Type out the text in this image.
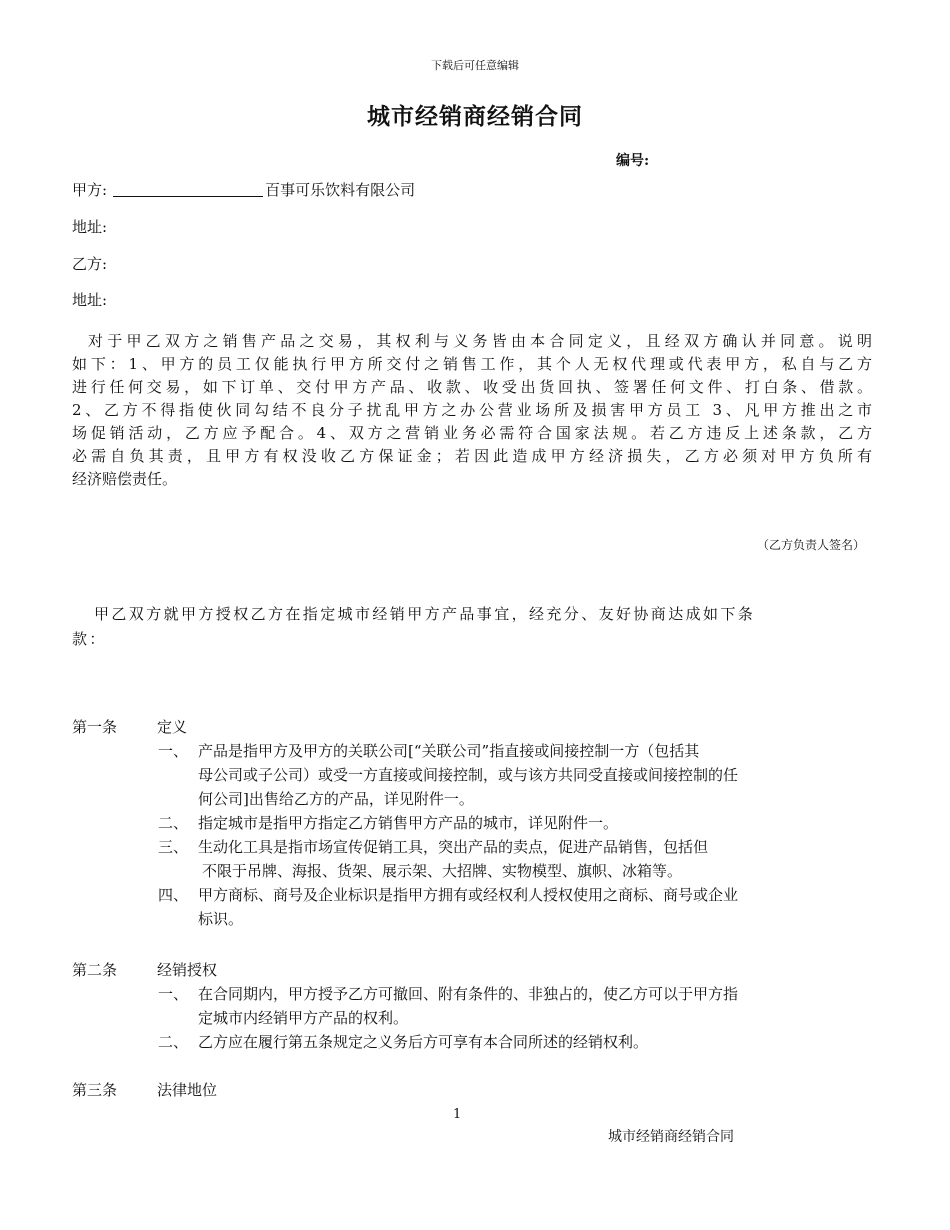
下载后可任意编辑
城市经销商经销合同
编号:
甲方:	百事可乐饮料有限公司
地址:
乙方:
地址:

对于甲乙双方之销售产品之交易，其权利与义务皆由本合同定义，且经双方确认并同意。说明

如下：1、甲方的员工仅能执行甲方所交付之销售工作，其个人无权代理或代表甲方，私自与乙方

进行任何交易，如下订单、交付甲方产品、收款、收受出货回执、签署任何文件、打白条、借款。

2、乙方不得指使伙同勾结不良分子扰乱甲方之办公营业场所及损害甲方员工 3、凡甲方推出之市

场促销活动，乙方应予配合。4、双方之营销业务必需符合国家法规。若乙方违反上述条款，乙方

必需自负其责，且甲方有权没收乙方保证金；若因此造成甲方经济损失，乙方必须对甲方负所有

经济赔偿责任。

（乙方负责人签名）

甲乙双方就甲方授权乙方在指定城市经销甲方产品事宜，经充分、友好协商达成如下条

款：

第一条	定义
一、 产品是指甲方及甲方的关联公司[“关联公司”指直接或间接控制一方（包括其
母公司或子公司）或受一方直接或间接控制，或与该方共同受直接或间接控制的任
何公司]出售给乙方的产品，详见附件一。
二、 指定城市是指甲方指定乙方销售甲方产品的城市，详见附件一。
三、 生动化工具是指市场宣传促销工具，突出产品的卖点，促进产品销售，包括但
不限于吊牌、海报、货架、展示架、大招牌、实物模型、旗帜、冰箱等。
四、 甲方商标、商号及企业标识是指甲方拥有或经权利人授权使用之商标、商号或企业
标识。
第二条	经销授权
一、 在合同期内，甲方授予乙方可撤回、附有条件的、非独占的，使乙方可以于甲方指
定城市内经销甲方产品的权利。
二、 乙方应在履行第五条规定之义务后方可享有本合同所述的经销权利。
第三条	法律地位
1
城市经销商经销合同
